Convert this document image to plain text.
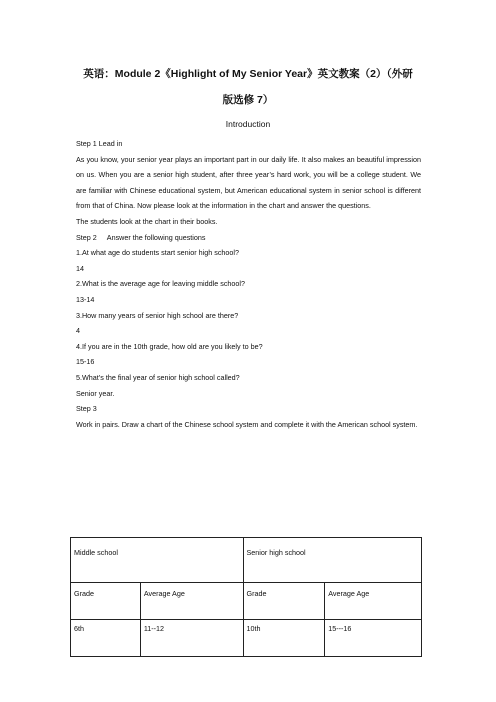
英语：Module 2《Highlight of My Senior Year》英文教案（2）（外研
版选修 7）
Introduction

Step 1 Lead in

As you know, your senior year plays an important part in our daily life. It also makes an beautiful impression on us. When you are a senior high student, after three year’s hard work, you will be a college student. We are familiar with Chinese educational system, but American educational system in senior school is different from that of China. Now please look at the information in the chart and answer the questions.

The students look at the chart in their books.

Step 2 Answer the following questions

1.At what age do students start senior high school?

14

2.What is the average age for leaving middle school?

13-14

3.How many years of senior high school are there?

4

4.If you are in the 10th grade, how old are you likely to be?

15-16

5.What’s the final year of senior high school called?

Senior year.

Step 3

Work in pairs. Draw a chart of the Chinese school system and complete it with the American school system.

Middle school		Senior high school	
Grade	Average Age	Grade	Average Age
6th	11--12	10th	15---16
